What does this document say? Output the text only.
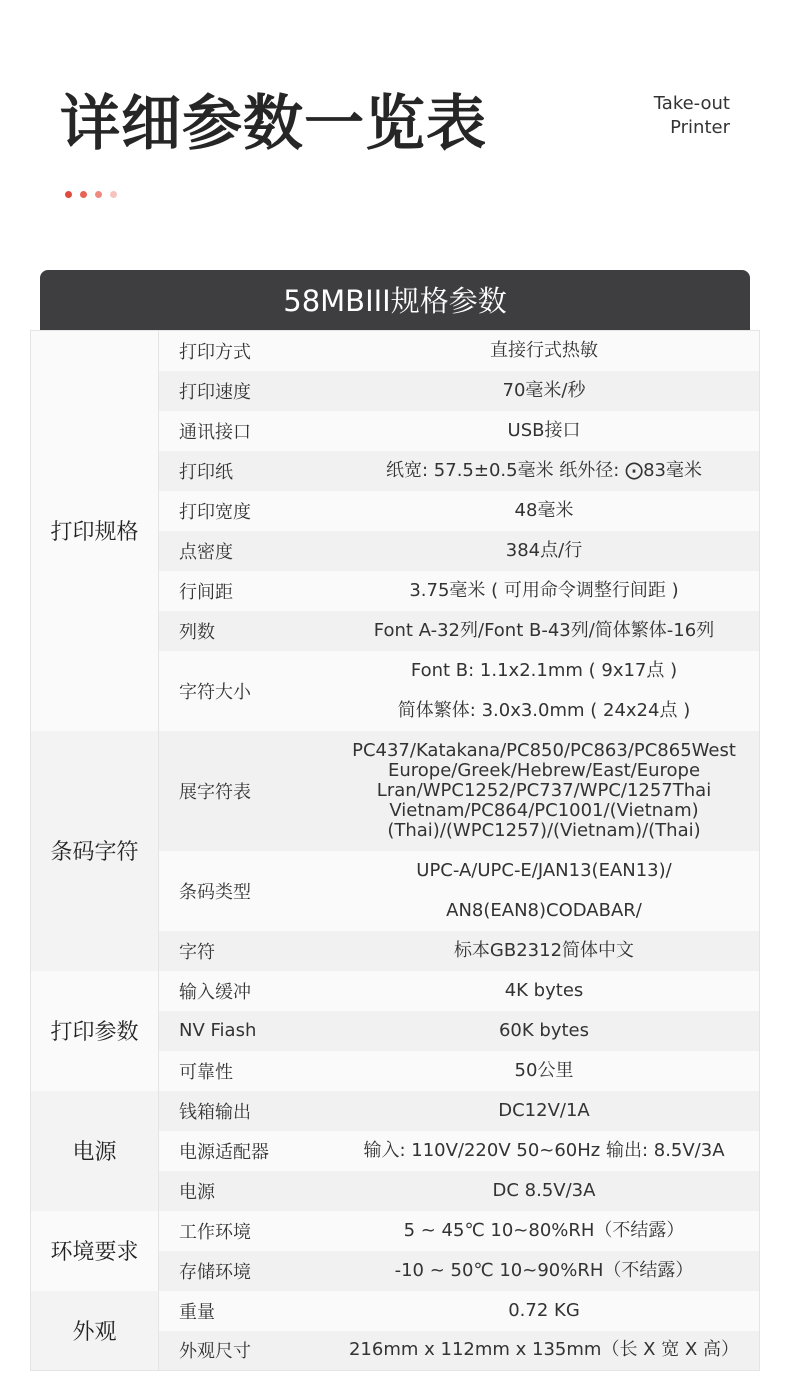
详细参数一览表	Take-out
Printer
58MBIII规格参数
打印规格	打印方式	直接行式热敏

	打印速度	70毫米/秒

	通讯接口	USB接口

	打印纸	纸宽: 57.5±0.5毫米 纸外径: ⨀83毫米

	打印宽度	48毫米

	点密度	384点/行

	行间距	3.75毫米 ( 可用命令调整行间距 )

	列数	Font A-32列/Font B-43列/简体繁体-16列

	字符大小	Font B: 1.1x2.1mm ( 9x17点 )
简体繁体: 3.0x3.0mm ( 24x24点 )

条码字符	展字符表	PC437/Katakana/PC850/PC863/PC865West
Europe/Greek/Hebrew/East/Europe
Lran/WPC1252/PC737/WPC/1257Thai
Vietnam/PC864/PC1001/(Vietnam)
(Thai)/(WPC1257)/(Vietnam)/(Thai)

	条码类型	UPC-A/UPC-E/JAN13(EAN13)/
AN8(EAN8)CODABAR/

	字符	标本GB2312简体中文

打印参数	输入缓冲	4K bytes

	NV Fiash	60K bytes

	可靠性	50公里

电源	钱箱输出	DC12V/1A

	电源适配器	输入: 110V/220V 50~60Hz 输出: 8.5V/3A

	电源	DC 8.5V/3A

环境要求	工作环境	5 ~ 45℃ 10~80%RH（不结露）

	存储环境	-10 ~ 50℃ 10~90%RH（不结露）

外观	重量	0.72 KG

	外观尺寸	216mm x 112mm x 135mm（长 X 宽 X 高）
